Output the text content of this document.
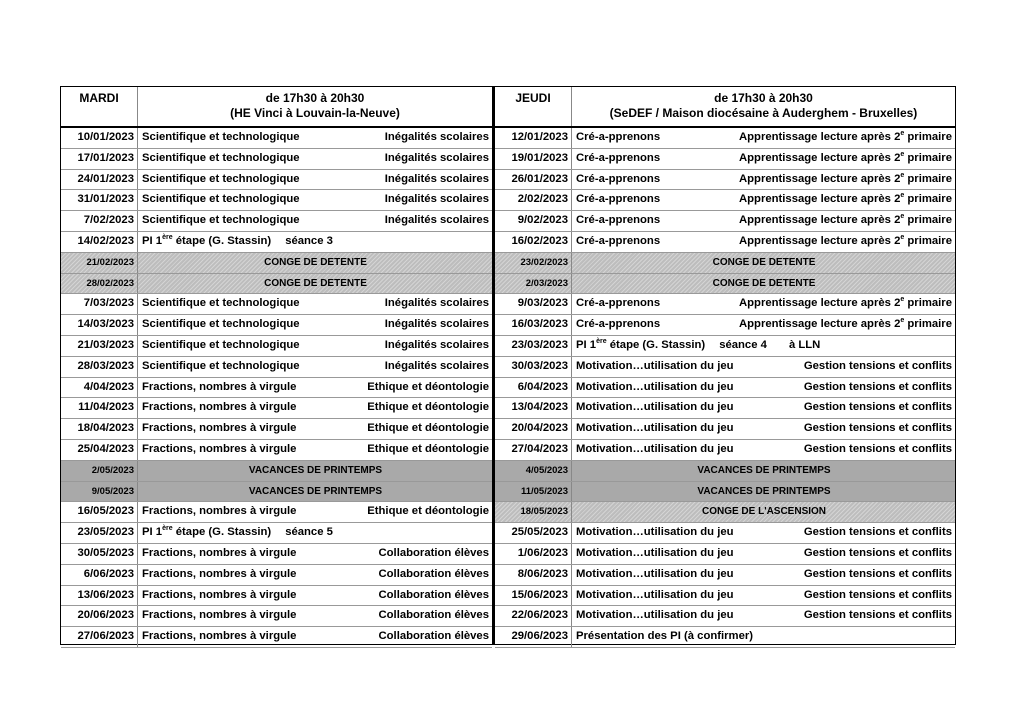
MARDI	de 17h30 à 20h30
(HE Vinci à Louvain-la-Neuve)
10/01/2023 Scientifique et technologique	Inégalités scolaires
17/01/2023 Scientifique et technologique	Inégalités scolaires
24/01/2023 Scientifique et technologique	Inégalités scolaires
31/01/2023 Scientifique et technologique	Inégalités scolaires
7/02/2023 Scientifique et technologique	Inégalités scolaires
14/02/2023 PI 1ère étape (G. Stassin) séance 3
21/02/2023	CONGE DE DETENTE
28/02/2023	CONGE DE DETENTE
7/03/2023 Scientifique et technologique	Inégalités scolaires
14/03/2023 Scientifique et technologique	Inégalités scolaires
21/03/2023 Scientifique et technologique	Inégalités scolaires
28/03/2023 Scientifique et technologique	Inégalités scolaires
4/04/2023 Fractions, nombres à virgule	Ethique et déontologie
11/04/2023 Fractions, nombres à virgule	Ethique et déontologie
18/04/2023 Fractions, nombres à virgule	Ethique et déontologie
25/04/2023 Fractions, nombres à virgule	Ethique et déontologie
2/05/2023	VACANCES DE PRINTEMPS
9/05/2023	VACANCES DE PRINTEMPS
16/05/2023 Fractions, nombres à virgule	Ethique et déontologie
23/05/2023 PI 1ère étape (G. Stassin) séance 5
30/05/2023 Fractions, nombres à virgule	Collaboration élèves
6/06/2023 Fractions, nombres à virgule	Collaboration élèves
13/06/2023 Fractions, nombres à virgule	Collaboration élèves
20/06/2023 Fractions, nombres à virgule	Collaboration élèves
27/06/2023 Fractions, nombres à virgule	Collaboration élèves
JEUDI	de 17h30 à 20h30
(SeDEF / Maison diocésaine à Auderghem - Bruxelles)
12/01/2023 Cré-a-pprenons	Apprentissage lecture après 2e primaire
19/01/2023 Cré-a-pprenons	Apprentissage lecture après 2e primaire
26/01/2023 Cré-a-pprenons	Apprentissage lecture après 2e primaire
2/02/2023 Cré-a-pprenons	Apprentissage lecture après 2e primaire
9/02/2023 Cré-a-pprenons	Apprentissage lecture après 2e primaire
16/02/2023 Cré-a-pprenons	Apprentissage lecture après 2e primaire
23/02/2023	CONGE DE DETENTE
2/03/2023	CONGE DE DETENTE
9/03/2023 Cré-a-pprenons	Apprentissage lecture après 2e primaire
16/03/2023 Cré-a-pprenons	Apprentissage lecture après 2e primaire
23/03/2023 PI 1ère étape (G. Stassin) séance 4 à LLN
30/03/2023 Motivation…utilisation du jeu	Gestion tensions et conflits
6/04/2023 Motivation…utilisation du jeu	Gestion tensions et conflits
13/04/2023 Motivation…utilisation du jeu	Gestion tensions et conflits
20/04/2023 Motivation…utilisation du jeu	Gestion tensions et conflits
27/04/2023 Motivation…utilisation du jeu	Gestion tensions et conflits
4/05/2023	VACANCES DE PRINTEMPS
11/05/2023	VACANCES DE PRINTEMPS
18/05/2023	CONGE DE L'ASCENSION
25/05/2023 Motivation…utilisation du jeu	Gestion tensions et conflits
1/06/2023 Motivation…utilisation du jeu	Gestion tensions et conflits
8/06/2023 Motivation…utilisation du jeu	Gestion tensions et conflits
15/06/2023 Motivation…utilisation du jeu	Gestion tensions et conflits
22/06/2023 Motivation…utilisation du jeu	Gestion tensions et conflits
29/06/2023 Présentation des PI (à confirmer)
